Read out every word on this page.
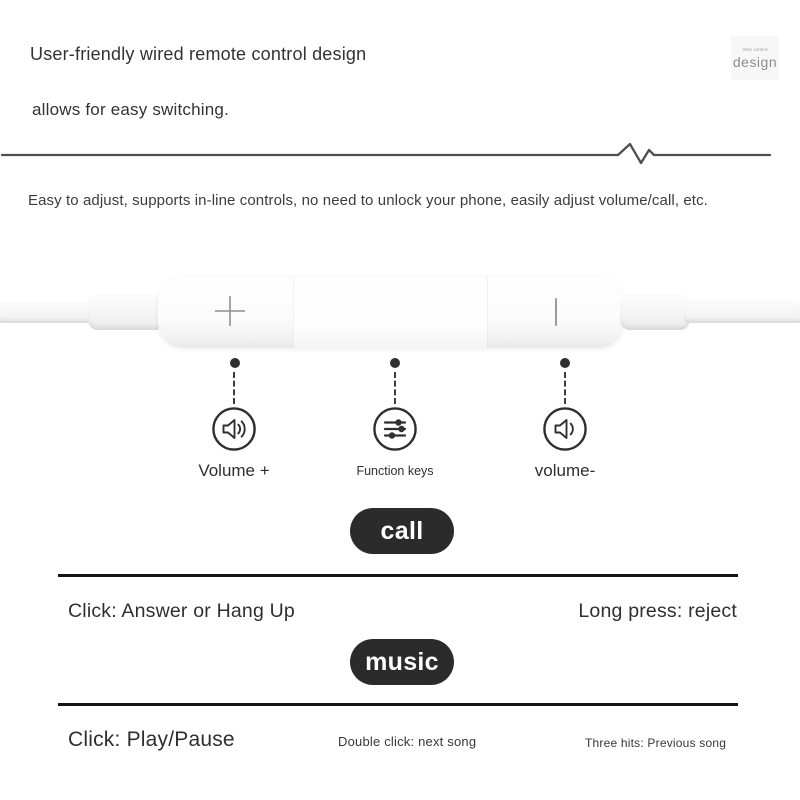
User-friendly wired remote control design	Wire control
design
allows for easy switching.
Easy to adjust, supports in-line controls, no need to unlock your phone, easily adjust volume/call, etc.
Volume +	Function keys	volume-
call
Click: Answer or Hang Up	Long press: reject
music
Click: Play/Pause	Double click: next song	Three hits: Previous song
